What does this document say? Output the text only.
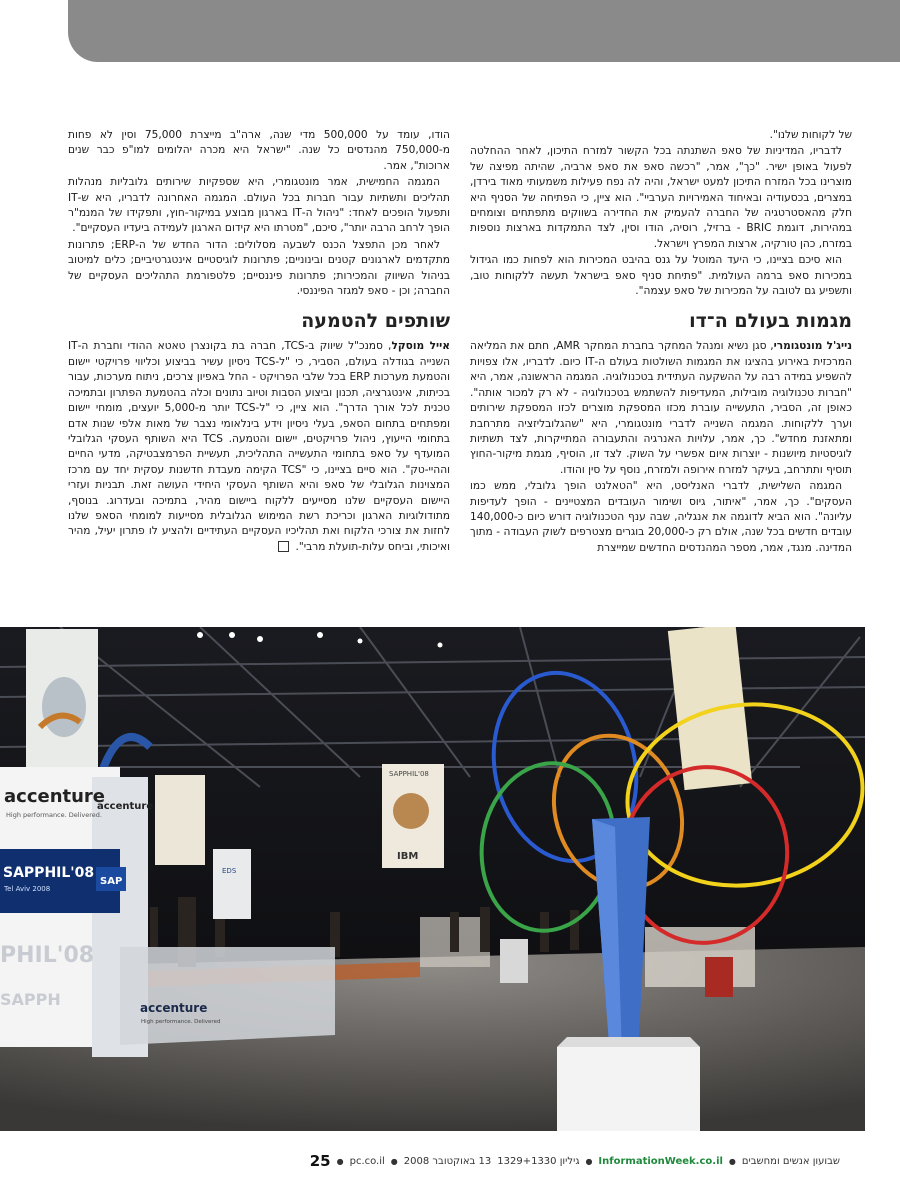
של לקוחות שלנו".

לדבריו, המדיניות של סאפ השתנתה בכל הקשור למזרח התיכון, לאחר ההחלטה לפעול באופן ישיר. "כך", אמר, "רכשה סאפ את סאפ ארביה, שהיתה מפיצה של מוצרינו בכל המזרח התיכון למעט ישראל, והיה לה נפח פעילות משמעותי מאוד בירדן, במצרים, בכסעודיה ובאיחוד האמירויות הערביי". הוא ציין, כי הפתיחה של הסניף היא חלק מהאסטרטגיה של החברה להעמיק את החדירה בשווקים מתפתחים וצומחים במהירות, דוגמת BRIC - ברזיל, רוסיה, הודו וסין, לצד התמקדות בארצות נוספות במזרח, כהן טורקיה, ארצות המפרץ וישראל.

הוא סיכם בציינו, כי היעד המוטל על גנס בהיבט המכירות הוא לפחות כמו הגידול במכירות סאפ ברמה העולמית. "פתיחת סניף סאפ בישראל תעשה ללקוחות טוב, ותשפיע גם לטובה על המכירות של סאפ עצמה".

מגמות בעולם ה־דו

נייג'ל מונטגומרי, סגן נשיא ומנהל המחקר בחברת המחקר AMR, חתם את המליאה המרכזית באירוע בהציגו את המגמות השולטות בעולם ה-IT כיום. לדבריו, אלו צפויות להשפיע במידה רבה על ההשקעה העתידית בטכנולוגיה. המגמה הראשונה, אמר, היא "חברות טכנולוגיה מובילות, המעדיפות להשתמש בטכנולוגיה - לא רק למכור אותה". כאופן זה, הסביר, התעשייה עוברת מכזו המספקת מוצרים לכזו המספקת שירותים וערך ללקוחות. המגמה השנייה לדברי מונטגומרי, היא "שהגלובליזציה מתרחבת ומתאזנת מחדש". כך, אמר, עלויות האנרגיה והתעבורה המתייקרות, לצד תשתיות לוגיסטיות מיושנות - יוצרות איום אפשרי על השוק. לצד זו, הוסיף, מגמת מיקור-החוץ תוסיף ותתרחב, בעיקר למזרח אירופה ולמזרח, נוסף על סין והודו.

המגמה השלישית, לדברי האנליסט, היא "הטאלנט הופך גלובלי, ממש כמו העסקים". כך, אמר, "איתור, גיוס ושימור העובדים המצטיינים - הופך לעדיפות עליונה". הוא הביא לדוגמה את אנגליה, שבה ענף הטכנולוגיה דורש כיום כ-140,000 עובדים חדשים בכל שנה, אולם רק כ-20,000 בוגרים מצטרפים לשוק העבודה - מתוך המדינה. מנגד, אמר, מספר המהנדסים החדשים שמייצרת

הודו, עומד על 500,000 מדי שנה, ארה"ב מייצרת 75,000 וסין לא פחות מ-750,000 מהנדסים כל שנה. "ישראל היא מכרה יהלומים למו"פ כבר שנים ארוכות", אמר.

המגמה החמישית, אמר מונטגומרי, היא שספקיות שירותים גלובליות מנהלות תהליכים ותשתיות עבור חברות בכל העולם. המגמה האחרונה לדבריו, היא ש-IT ותפעול הופכים לאחד: "ניהול ה-IT בארגון מבוצע במיקור-חוץ, ותפקידו של המנמ"ר הופך לרחב הרבה יותר", סיכם, "מטרתו היא קידום הארגון לעמידה ביעדיו העסקיים".

לאחר מכן התפצל הכנס לשבעה מסלולים: הדור החדש של ה-ERP; פתרונות מתקדמים לארגונים קטנים ובינוניים; פתרונות לוגיסטיים אינטגרטיביים; כלים למיטוב בניהול השיווק והמכירות; פתרונות פיננסיים; פלטפורמת התהליכים העסקיים של החברה; וכן - סאפ למגזר הפיננסי.

שותפים להטמעה

אייל מוסקל, סמנכ"ל שיווק ב-TCS, חברה בת בקונצרן טאטא ההודי וחברת ה-IT השנייה בגודלה בעולם, הסביר, כי "ל-TCS ניסיון עשיר בביצוע וכליווי פרויקטי יישום והטמעת מערכות ERP בכל שלבי הפרויקט - החל באפיון צרכים, ניתוח מערכות, עבור בכיתות, אינטגרציה, תכנון וביצוע הסבות וטיוב נתונים וכלה בהטמעת הפתרון ובתמיכה טכנית לכל אורך הדרך". הוא ציין, כי "ל-TCS יותר מ-5,000 יועצים, מומחי יישום ומפתחים בתחום הסאפ, בעלי ניסיון וידע בינלאומי נצבר של מאות אלפי שנות אדם בתחומי הייעוץ, ניהול פרויקטים, יישום והטמעה. TCS היא השותף העסקי הגלובלי המועדף על סאפ בתחומי התעשייה התהליכית, תעשיית הפרמצבטיקה, מדעי החיים וההיי-טק". הוא סיים בציינו, כי "TCS הקימה מעבדת חדשנות עסקית יחד עם מרכז המצוינות הגלובלי של סאפ והיא השותף העסקי היחידי העושה זאת. תבניות ועזרי היישום העסקיים שלנו מסייעים ללקוח ביישום מהיר, בתמיכה ובעדרוג. בנוסף, מתודולוגיות הארגון וכריכת רשת המימוש הגלובלית מסייעות למומחי הסאפ שלנו לחזות את צורכי הלקוח ואת תהליכיו העסקיים העתידיים ולהציע לו פתרון יעיל, מהיר ואיכותי, וביחס עלות-תועלת מרבי".

SAPPHIL'08
IBM
EDS
accenture
High performance. Delivered.
accenture
SAPPHIL'08
Tel Aviv 2008
SAP
PHIL'08
SAPPH	accenture
High performance. Delivered
שבועון אנשים ומחשבים
●
InformationWeek.co.il
●
גיליון 1329+1330
13 באוקטובר 2008
●
pc.co.il
●
25
